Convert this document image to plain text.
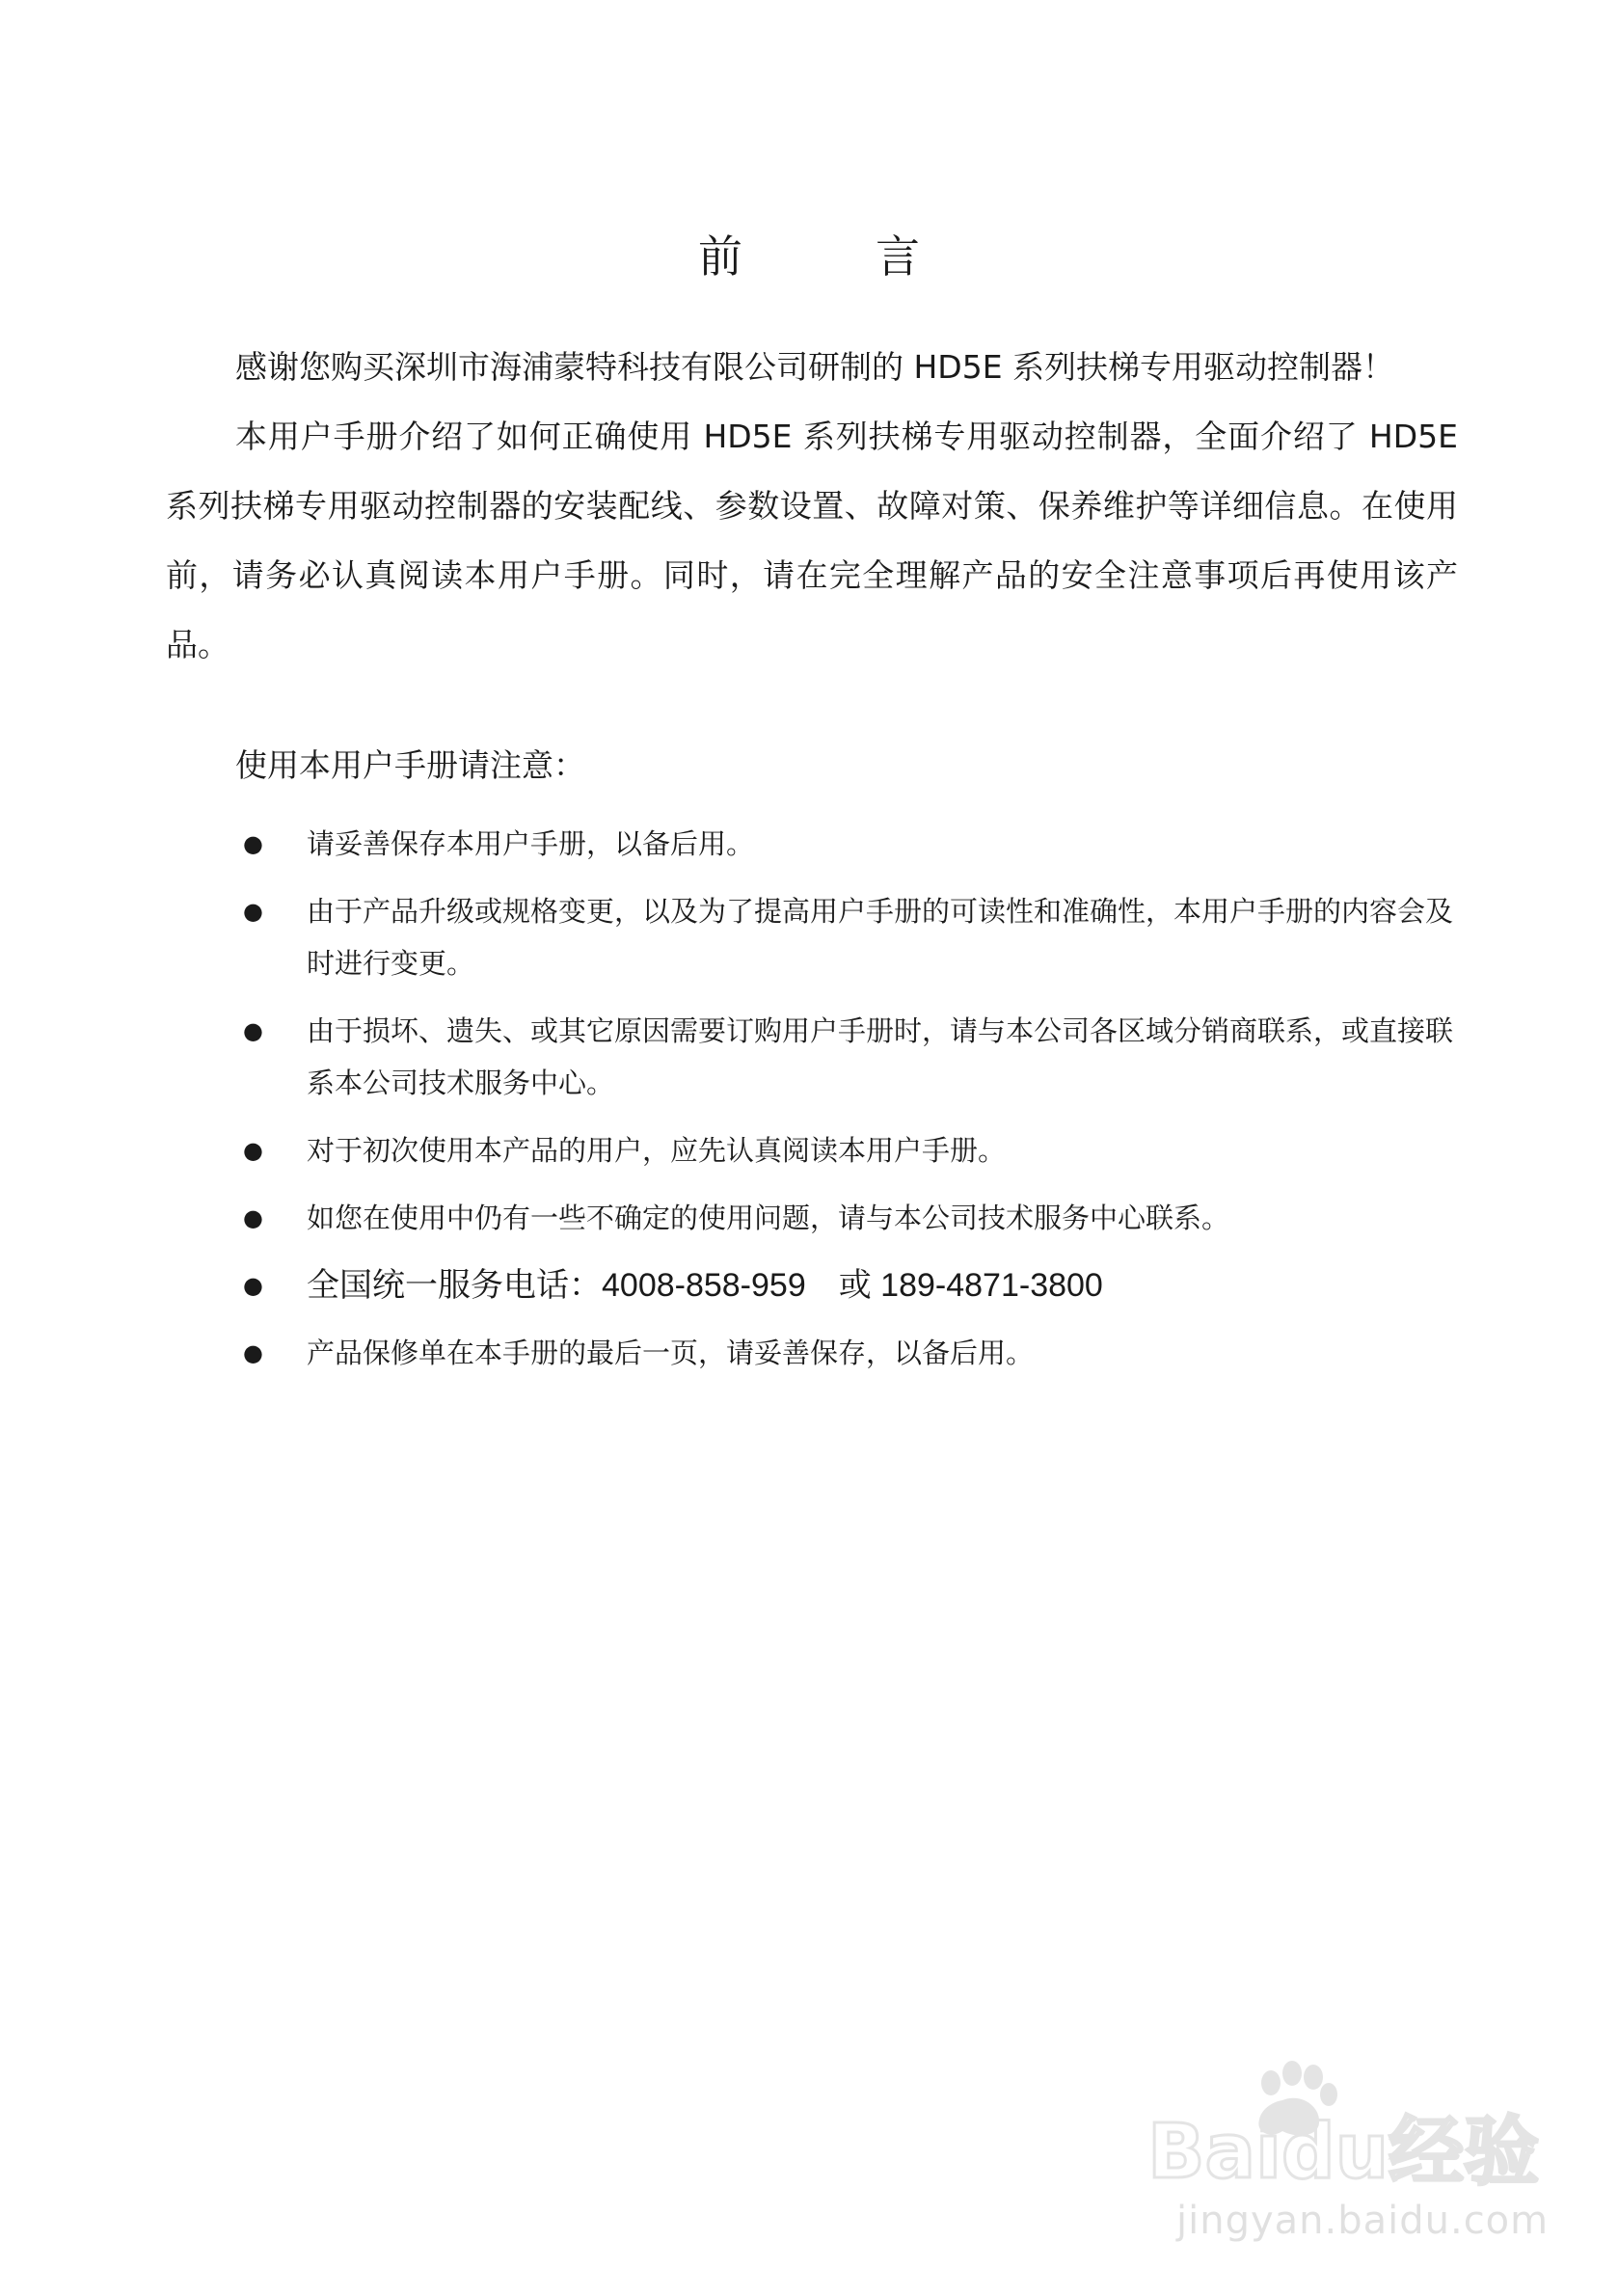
前　言
感谢您购买深圳市海浦蒙特科技有限公司研制的 HD5E 系列扶梯专用驱动控制器！
本用户手册介绍了如何正确使用 HD5E 系列扶梯专用驱动控制器，全面介绍了 HD5E 系列扶梯专用驱动控制器的安装配线、参数设置、故障对策、保养维护等详细信息。在使用前，请务必认真阅读本用户手册。同时，请在完全理解产品的安全注意事项后再使用该产品。
使用本用户手册请注意：
● 请妥善保存本用户手册，以备后用。
● 由于产品升级或规格变更，以及为了提高用户手册的可读性和准确性，本用户手册的内容会及时进行变更。
● 由于损坏、遗失、或其它原因需要订购用户手册时，请与本公司各区域分销商联系，或直接联系本公司技术服务中心。
● 对于初次使用本产品的用户，应先认真阅读本用户手册。
● 如您在使用中仍有一些不确定的使用问题，请与本公司技术服务中心联系。
● 全国统一服务电话：4008-858-959　或 189-4871-3800
● 产品保修单在本手册的最后一页，请妥善保存，以备后用。
Baidu经验
jingyan.baidu.com
